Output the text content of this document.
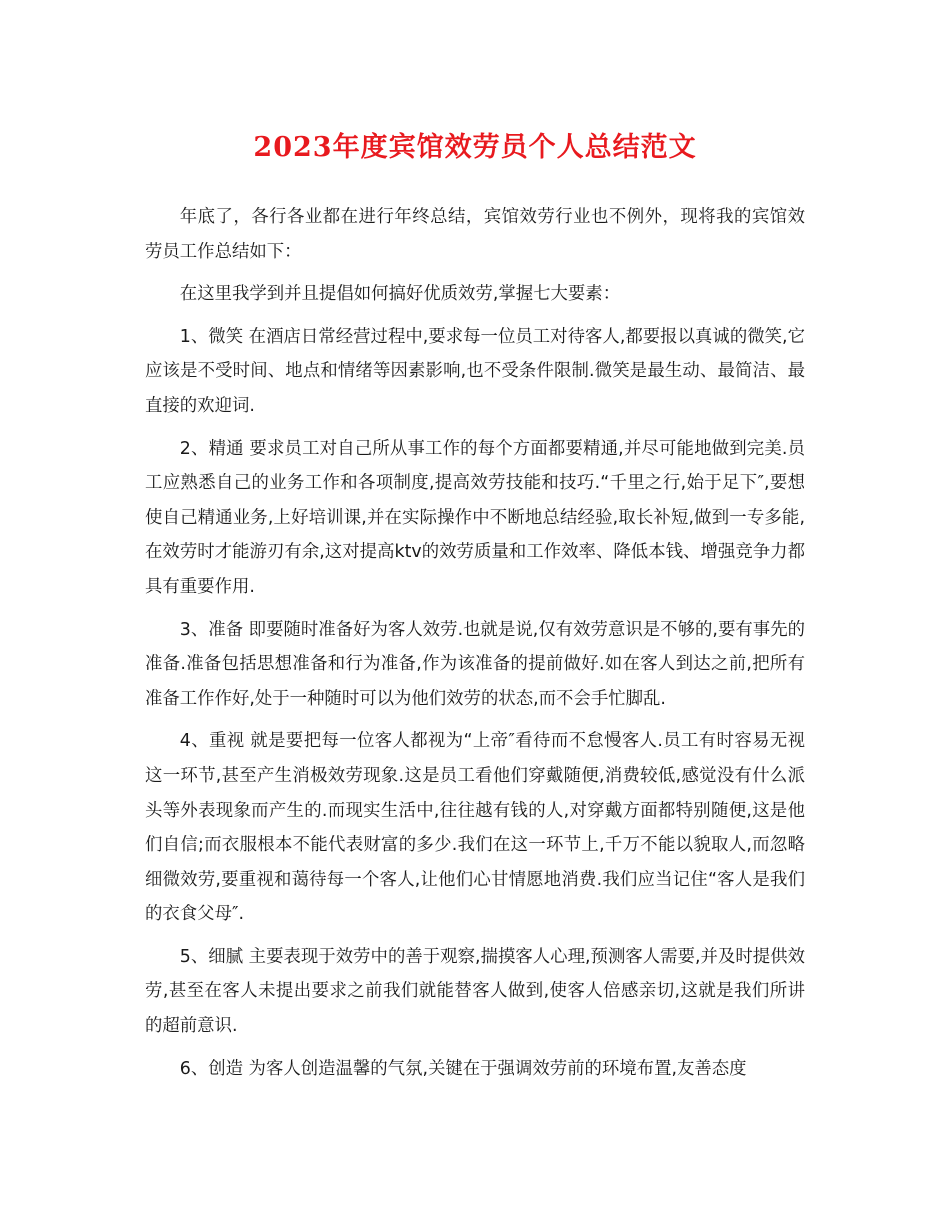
2023年度宾馆效劳员个人总结范文

年底了，各行各业都在进行年终总结，宾馆效劳行业也不例外，现将我的宾馆效劳员工作总结如下：

在这里我学到并且提倡如何搞好优质效劳,掌握七大要素：

1、微笑 在酒店日常经营过程中,要求每一位员工对待客人,都要报以真诚的微笑,它应该是不受时间、地点和情绪等因素影响,也不受条件限制.微笑是最生动、最简洁、最直接的欢迎词.

2、精通 要求员工对自己所从事工作的每个方面都要精通,并尽可能地做到完美.员工应熟悉自己的业务工作和各项制度,提高效劳技能和技巧.“千里之行,始于足下″,要想使自己精通业务,上好培训课,并在实际操作中不断地总结经验,取长补短,做到一专多能,在效劳时才能游刃有余,这对提高ktv的效劳质量和工作效率、降低本钱、增强竞争力都具有重要作用.

3、准备 即要随时准备好为客人效劳.也就是说,仅有效劳意识是不够的,要有事先的准备.准备包括思想准备和行为准备,作为该准备的提前做好.如在客人到达之前,把所有准备工作作好,处于一种随时可以为他们效劳的状态,而不会手忙脚乱.

4、重视 就是要把每一位客人都视为“上帝″看待而不怠慢客人.员工有时容易无视这一环节,甚至产生消极效劳现象.这是员工看他们穿戴随便,消费较低,感觉没有什么派头等外表现象而产生的.而现实生活中,往往越有钱的人,对穿戴方面都特别随便,这是他们自信;而衣服根本不能代表财富的多少.我们在这一环节上,千万不能以貌取人,而忽略细微效劳,要重视和蔼待每一个客人,让他们心甘情愿地消费.我们应当记住“客人是我们的衣食父母″.

5、细腻 主要表现于效劳中的善于观察,揣摸客人心理,预测客人需要,并及时提供效劳,甚至在客人未提出要求之前我们就能替客人做到,使客人倍感亲切,这就是我们所讲的超前意识.

6、创造 为客人创造温馨的气氛,关键在于强调效劳前的环境布置,友善态度
